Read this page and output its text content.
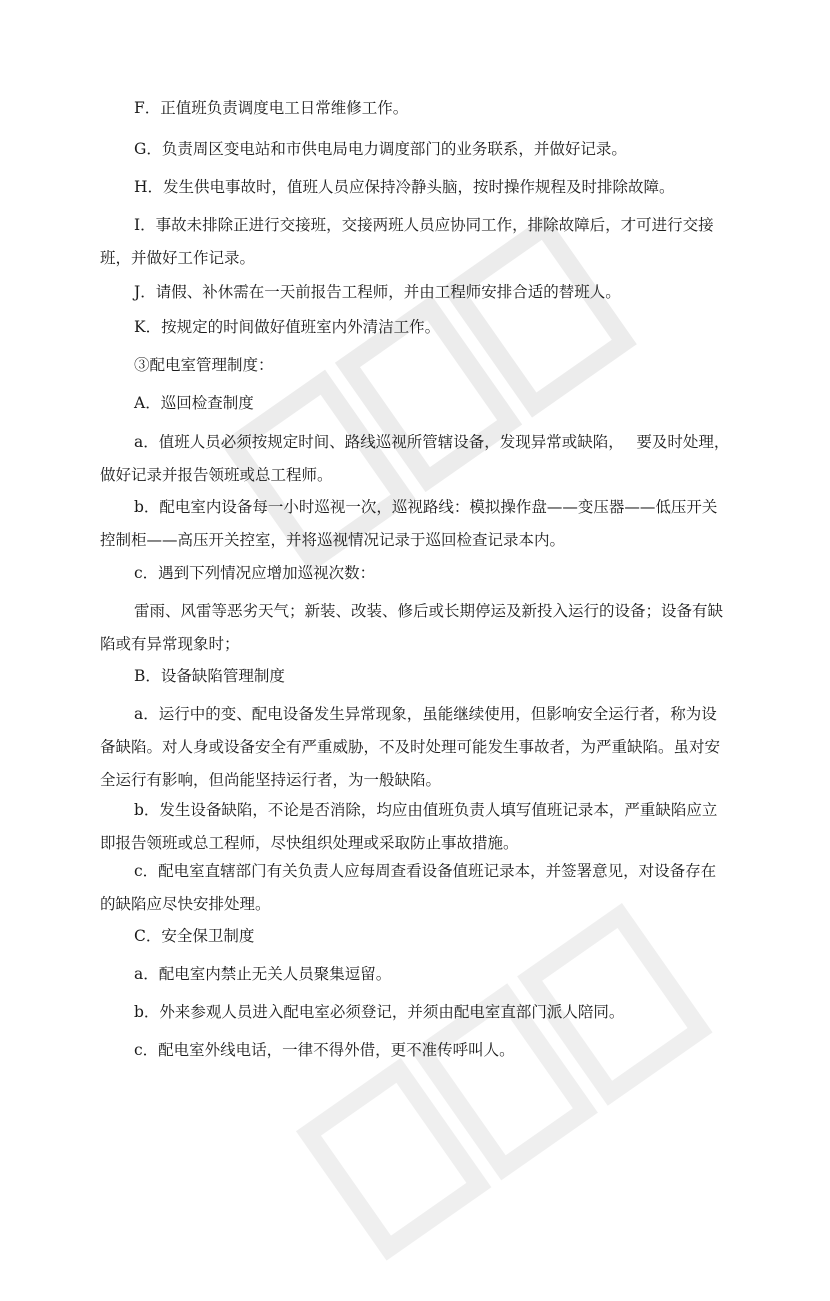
F．正值班负责调度电工日常维修工作。

G．负责周区变电站和市供电局电力调度部门的业务联系，并做好记录。

H．发生供电事故时，值班人员应保持冷静头脑，按时操作规程及时排除故障。

I．事故未排除正进行交接班，交接两班人员应协同工作，排除故障后，才可进行交接班，并做好工作记录。

J．请假、补休需在一天前报告工程师，并由工程师安排合适的替班人。

K．按规定的时间做好值班室内外清洁工作。

③配电室管理制度：

A．巡回检查制度

a．值班人员必须按规定时间、路线巡视所管辖设备，发现异常或缺陷，　 要及时处理，做好记录并报告领班或总工程师。

b．配电室内设备每一小时巡视一次，巡视路线：模拟操作盘——变压器——低压开关控制柜——高压开关控室，并将巡视情况记录于巡回检查记录本内。

c．遇到下列情况应增加巡视次数：

雷雨、风雷等恶劣天气；新装、改装、修后或长期停运及新投入运行的设备；设备有缺陷或有异常现象时；

B．设备缺陷管理制度

a．运行中的变、配电设备发生异常现象，虽能继续使用，但影响安全运行者，称为设备缺陷。对人身或设备安全有严重威胁，不及时处理可能发生事故者，为严重缺陷。虽对安全运行有影响，但尚能坚持运行者，为一般缺陷。

b．发生设备缺陷，不论是否消除，均应由值班负责人填写值班记录本，严重缺陷应立即报告领班或总工程师，尽快组织处理或采取防止事故措施。

c．配电室直辖部门有关负责人应每周查看设备值班记录本，并签署意见，对设备存在的缺陷应尽快安排处理。

C．安全保卫制度

a．配电室内禁止无关人员聚集逗留。

b．外来参观人员进入配电室必须登记，并须由配电室直部门派人陪同。

c．配电室外线电话，一律不得外借，更不准传呼叫人。
